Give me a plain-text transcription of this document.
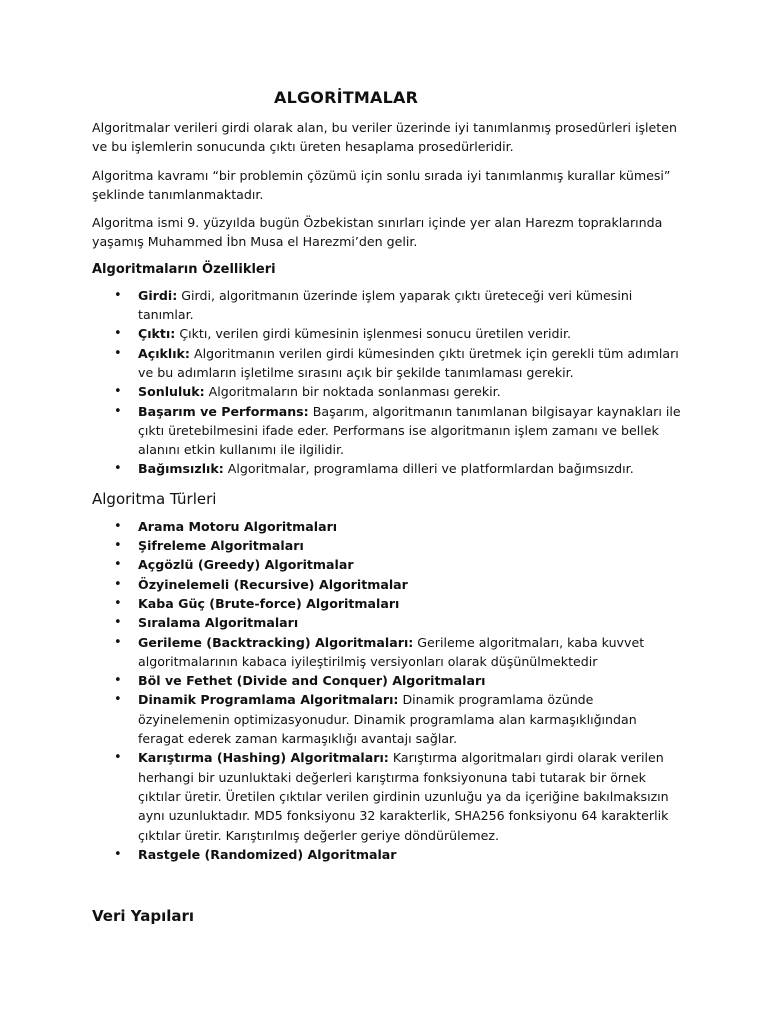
ALGORİTMALAR

Algoritmalar verileri girdi olarak alan, bu veriler üzerinde iyi tanımlanmış prosedürleri işleten ve bu işlemlerin sonucunda çıktı üreten hesaplama prosedürleridir.

Algoritma kavramı “bir problemin çözümü için sonlu sırada iyi tanımlanmış kurallar kümesi” şeklinde tanımlanmaktadır.

Algoritma ismi 9. yüzyılda bugün Özbekistan sınırları içinde yer alan Harezm topraklarında yaşamış Muhammed İbn Musa el Harezmi’den gelir.

Algoritmaların Özellikleri
• Girdi: Girdi, algoritmanın üzerinde işlem yaparak çıktı üreteceği veri kümesini tanımlar.
• Çıktı: Çıktı, verilen girdi kümesinin işlenmesi sonucu üretilen veridir.
• Açıklık: Algoritmanın verilen girdi kümesinden çıktı üretmek için gerekli tüm adımları ve bu adımların işletilme sırasını açık bir şekilde tanımlaması gerekir.
• Sonluluk: Algoritmaların bir noktada sonlanması gerekir.
• Başarım ve Performans: Başarım, algoritmanın tanımlanan bilgisayar kaynakları ile çıktı üretebilmesini ifade eder. Performans ise algoritmanın işlem zamanı ve bellek alanını etkin kullanımı ile ilgilidir.
• Bağımsızlık: Algoritmalar, programlama dilleri ve platformlardan bağımsızdır.
Algoritma Türleri
• Arama Motoru Algoritmaları
• Şifreleme Algoritmaları
• Açgözlü (Greedy) Algoritmalar
• Özyinelemeli (Recursive) Algoritmalar
• Kaba Güç (Brute-force) Algoritmaları
• Sıralama Algoritmaları
• Gerileme (Backtracking) Algoritmaları: Gerileme algoritmaları, kaba kuvvet algoritmalarının kabaca iyileştirilmiş versiyonları olarak düşünülmektedir
• Böl ve Fethet (Divide and Conquer) Algoritmaları
• Dinamik Programlama Algoritmaları: Dinamik programlama özünde özyinelemenin optimizasyonudur. Dinamik programlama alan karmaşıklığından feragat ederek zaman karmaşıklığı avantajı sağlar.
• Karıştırma (Hashing) Algoritmaları: Karıştırma algoritmaları girdi olarak verilen herhangi bir uzunluktaki değerleri karıştırma fonksiyonuna tabi tutarak bir örnek çıktılar üretir. Üretilen çıktılar verilen girdinin uzunluğu ya da içeriğine bakılmaksızın aynı uzunluktadır. MD5 fonksiyonu 32 karakterlik, SHA256 fonksiyonu 64 karakterlik çıktılar üretir. Karıştırılmış değerler geriye döndürülemez.
• Rastgele (Randomized) Algoritmalar
Veri Yapıları
